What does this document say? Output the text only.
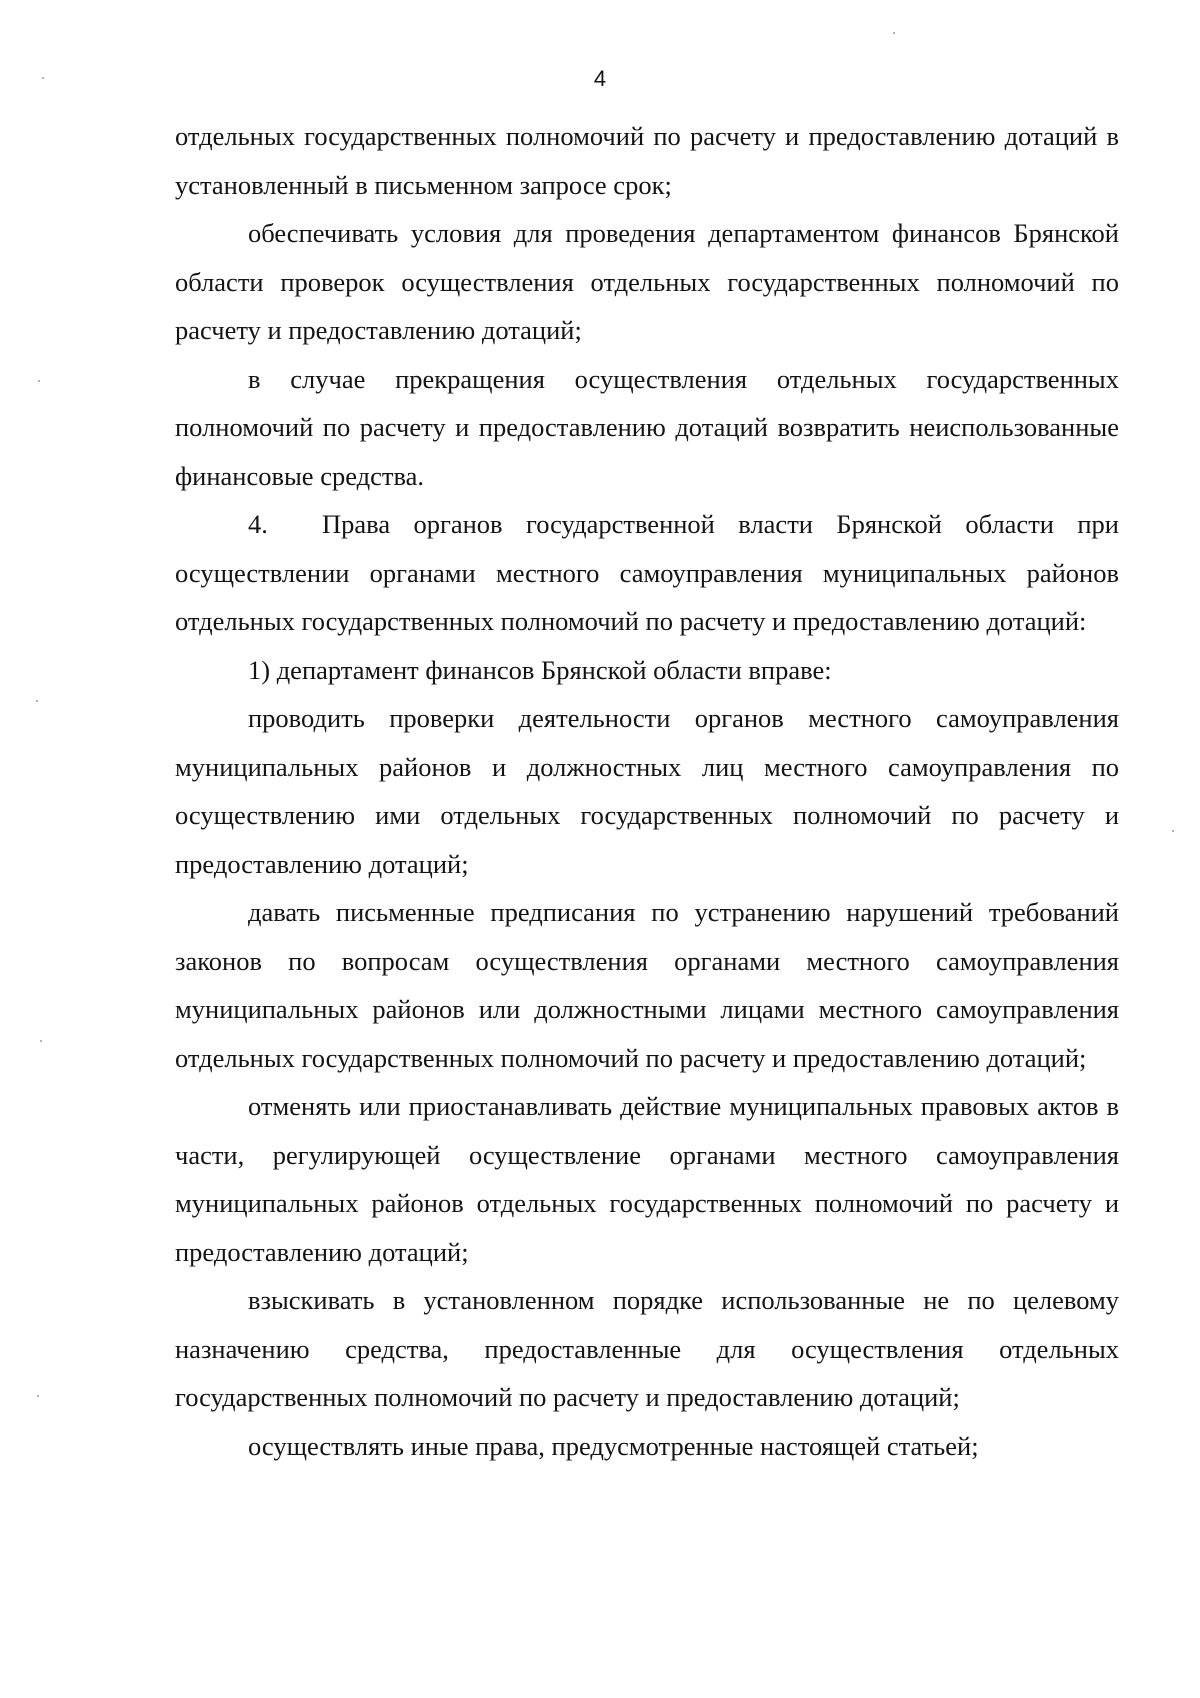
4

отдельных государственных полномочий по расчету и предоставлению дотаций в установленный в письменном запросе срок;

обеспечивать условия для проведения департаментом финансов Брянской области проверок осуществления отдельных государственных полномочий по расчету и предоставлению дотаций;

в случае прекращения осуществления отдельных государственных полномочий по расчету и предоставлению дотаций возвратить неиспользованные финансовые средства.

4. Права органов государственной власти Брянской области при осуществлении органами местного самоуправления муниципальных районов отдельных государственных полномочий по расчету и предоставлению дотаций:

1) департамент финансов Брянской области вправе:

проводить проверки деятельности органов местного самоуправления муниципальных районов и должностных лиц местного самоуправления по осуществлению ими отдельных государственных полномочий по расчету и предоставлению дотаций;

давать письменные предписания по устранению нарушений требований законов по вопросам осуществления органами местного самоуправления муниципальных районов или должностными лицами местного самоуправления отдельных государственных полномочий по расчету и предоставлению дотаций;

отменять или приостанавливать действие муниципальных правовых актов в части, регулирующей осуществление органами местного самоуправления муниципальных районов отдельных государственных полномочий по расчету и предоставлению дотаций;

взыскивать в установленном порядке использованные не по целевому назначению средства, предоставленные для осуществления отдельных государственных полномочий по расчету и предоставлению дотаций;

осуществлять иные права, предусмотренные настоящей статьей;
